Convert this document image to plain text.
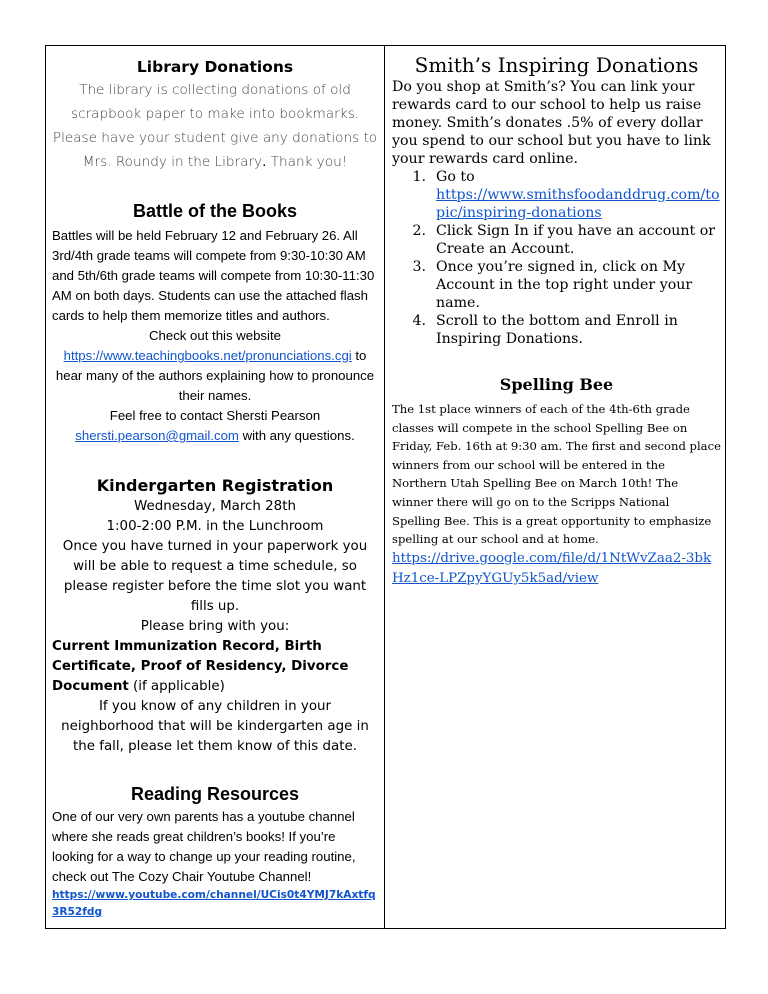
Library Donations
The library is collecting donations of old scrapbook paper to make into bookmarks. Please have your student give any donations to Mrs. Roundy in the Library. Thank you!
Battle of the Books
Battles will be held February 12 and February 26. All 3rd/4th grade teams will compete from 9:30-10:30 AM and 5th/6th grade teams will compete from 10:30-11:30 AM on both days. Students can use the attached flash cards to help them memorize titles and authors.
Check out this website
https://www.teachingbooks.net/pronunciations.cgi to hear many of the authors explaining how to pronounce their names.
Feel free to contact Shersti Pearson
shersti.pearson@gmail.com with any questions.
Kindergarten Registration
Wednesday, March 28th
1:00-2:00 P.M. in the Lunchroom
Once you have turned in your paperwork you will be able to request a time schedule, so please register before the time slot you want fills up.
Please bring with you:
Current Immunization Record, Birth Certificate, Proof of Residency, Divorce Document (if applicable)
If you know of any children in your neighborhood that will be kindergarten age in the fall, please let them know of this date.
Reading Resources
One of our very own parents has a youtube channel where she reads great children’s books! If you’re looking for a way to change up your reading routine, check out The Cozy Chair Youtube Channel!
https://www.youtube.com/channel/UCis0t4YMJ7kAxtfq3R52fdg
Smith’s Inspiring Donations
Do you shop at Smith’s? You can link your rewards card to our school to help us raise money. Smith’s donates .5% of every dollar you spend to our school but you have to link your rewards card online.
1. Go to
https://www.smithsfoodanddrug.com/topic/inspiring-donations
2. Click Sign In if you have an account or Create an Account.
3. Once you’re signed in, click on My Account in the top right under your name.
4. Scroll to the bottom and Enroll in Inspiring Donations.
Spelling Bee
The 1st place winners of each of the 4th-6th grade classes will compete in the school Spelling Bee on Friday, Feb. 16th at 9:30 am. The first and second place winners from our school will be entered in the Northern Utah Spelling Bee on March 10th! The winner there will go on to the Scripps National Spelling Bee. This is a great opportunity to emphasize spelling at our school and at home.
https://drive.google.com/file/d/1NtWvZaa2-3bkHz1ce-LPZpyYGUy5k5ad/view
